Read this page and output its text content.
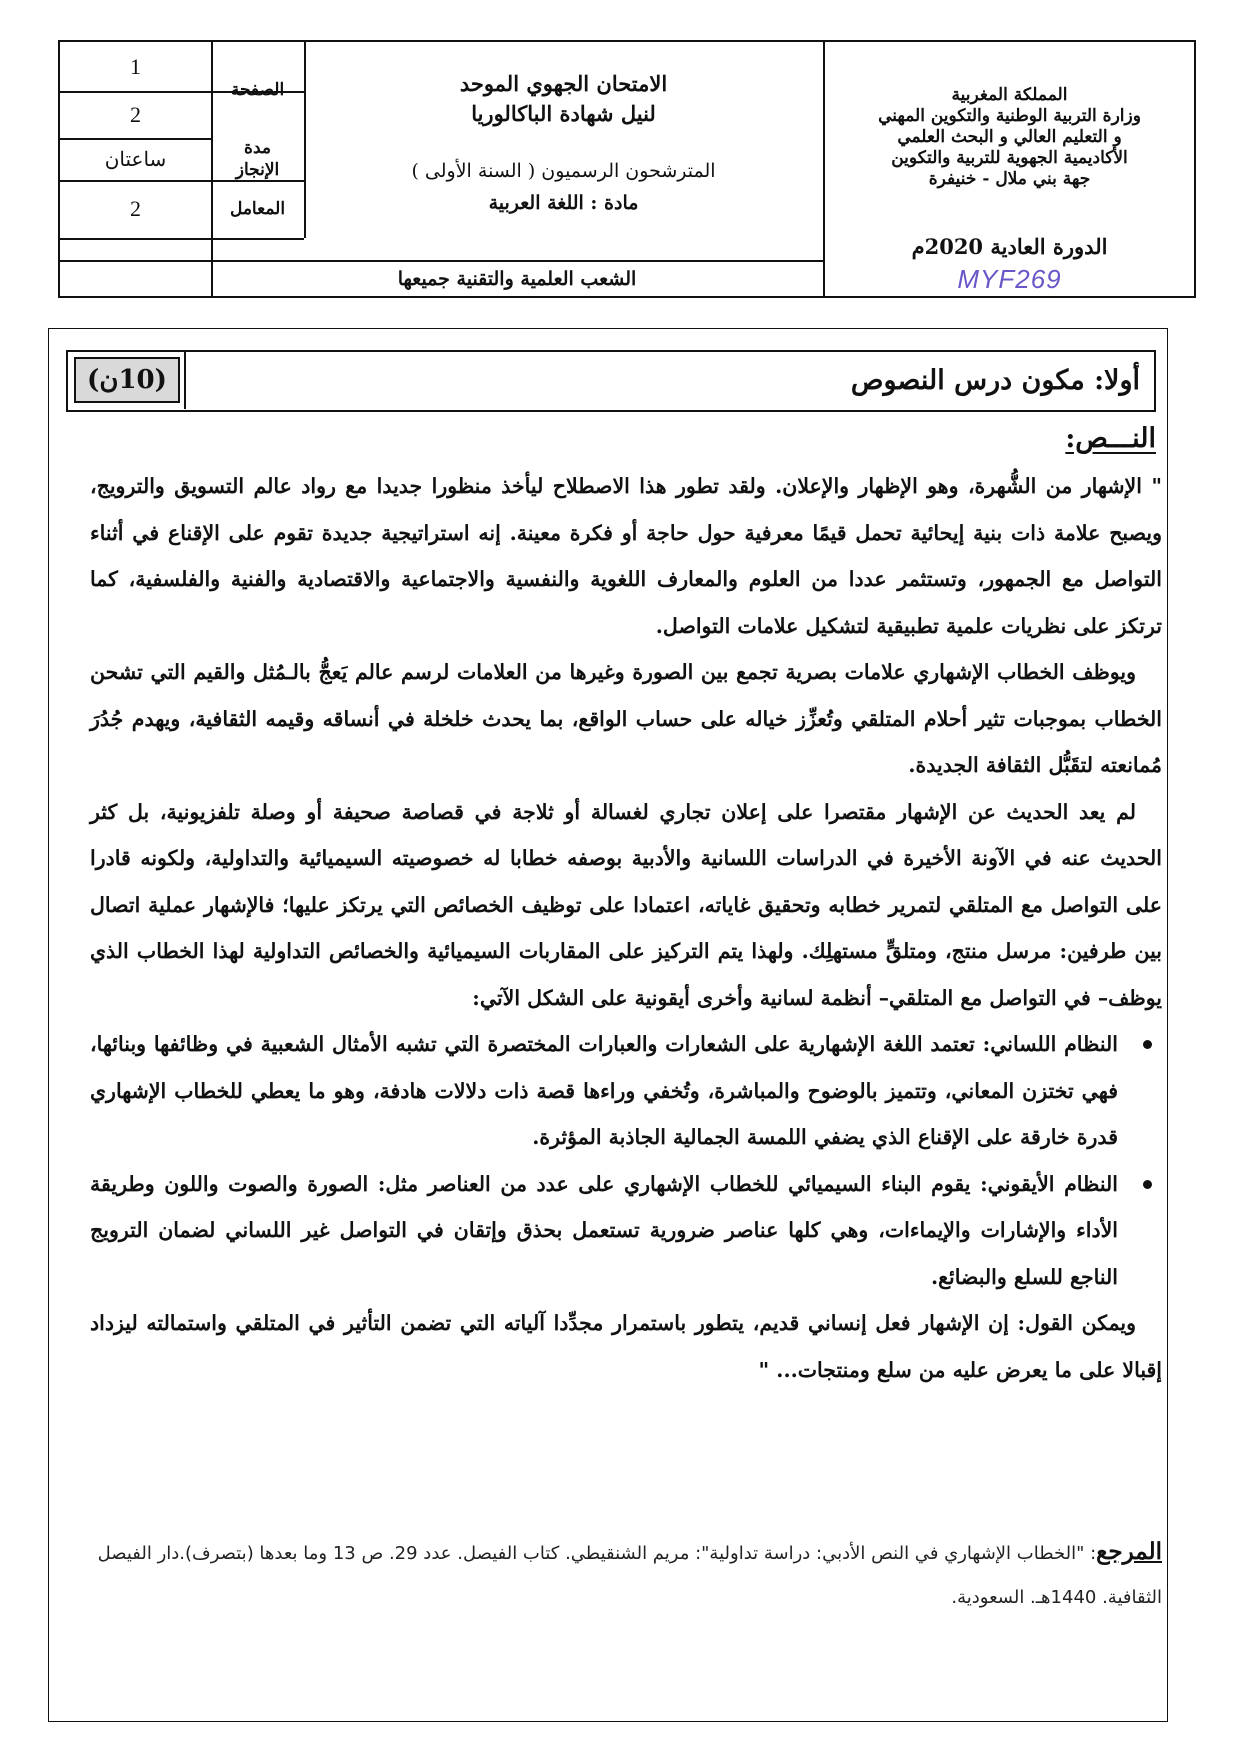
1
2
ساعتان
2
الصفحة
مدة الإنجاز
المعامل
الامتحان الجهوي الموحد
لنيل شهادة الباكالوريا
المترشحون الرسميون ( السنة الأولى )
مادة : اللغة العربية
الشعب العلمية والتقنية جميعها
المملكة المغربية
وزارة التربية الوطنية والتكوين المهني
و التعليم العالي و البحث العلمي
الأكاديمية الجهوية للتربية والتكوين
جهة بني ملال - خنيفرة
الدورة العادية 2020م
MYF269
أولا: مكون درس النصوص
(10ن)
النـــص:

" الإشهار من الشُّهرة، وهو الإظهار والإعلان. ولقد تطور هذا الاصطلاح ليأخذ منظورا جديدا مع رواد عالم التسويق والترويج، ويصبح علامة ذات بنية إيحائية تحمل قيمًا معرفية حول حاجة أو فكرة معينة. إنه استراتيجية جديدة تقوم على الإقناع في أثناء التواصل مع الجمهور، وتستثمر عددا من العلوم والمعارف اللغوية والنفسية والاجتماعية والاقتصادية والفنية والفلسفية، كما ترتكز على نظريات علمية تطبيقية لتشكيل علامات التواصل.

ويوظف الخطاب الإشهاري علامات بصرية تجمع بين الصورة وغيرها من العلامات لرسم عالم يَعجُّ بالـمُثل والقيم التي تشحن الخطاب بموجبات تثير أحلام المتلقي وتُعزِّز خياله على حساب الواقع، بما يحدث خلخلة في أنساقه وقيمه الثقافية، ويهدم جُدُرَ مُمانعته لتقَبُّل الثقافة الجديدة.

لم يعد الحديث عن الإشهار مقتصرا على إعلان تجاري لغسالة أو ثلاجة في قصاصة صحيفة أو وصلة تلفزيونية، بل كثر الحديث عنه في الآونة الأخيرة في الدراسات اللسانية والأدبية بوصفه خطابا له خصوصيته السيميائية والتداولية، ولكونه قادرا على التواصل مع المتلقي لتمرير خطابه وتحقيق غاياته، اعتمادا على توظيف الخصائص التي يرتكز عليها؛ فالإشهار عملية اتصال بين طرفين: مرسل منتج، ومتلقٍّ مستهلِك. ولهذا يتم التركيز على المقاربات السيميائية والخصائص التداولية لهذا الخطاب الذي يوظف– في التواصل مع المتلقي– أنظمة لسانية وأخرى أيقونية على الشكل الآتي:

النظام اللساني: تعتمد اللغة الإشهارية على الشعارات والعبارات المختصرة التي تشبه الأمثال الشعبية في وظائفها وبنائها، فهي تختزن المعاني، وتتميز بالوضوح والمباشرة، وتُخفي وراءها قصة ذات دلالات هادفة، وهو ما يعطي للخطاب الإشهاري قدرة خارقة على الإقناع الذي يضفي اللمسة الجمالية الجاذبة المؤثرة.

النظام الأيقوني: يقوم البناء السيميائي للخطاب الإشهاري على عدد من العناصر مثل: الصورة والصوت واللون وطريقة الأداء والإشارات والإيماءات، وهي كلها عناصر ضرورية تستعمل بحذق وإتقان في التواصل غير اللساني لضمان الترويج الناجع للسلع والبضائع.

ويمكن القول: إن الإشهار فعل إنساني قديم، يتطور باستمرار مجدِّدا آلياته التي تضمن التأثير في المتلقي واستمالته ليزداد إقبالا على ما يعرض عليه من سلع ومنتجات... "

المرجع: "الخطاب الإشهاري في النص الأدبي: دراسة تداولية": مريم الشنقيطي. كتاب الفيصل. عدد 29. ص 13 وما بعدها (بتصرف).دار الفيصل الثقافية. 1440هـ. السعودية.
